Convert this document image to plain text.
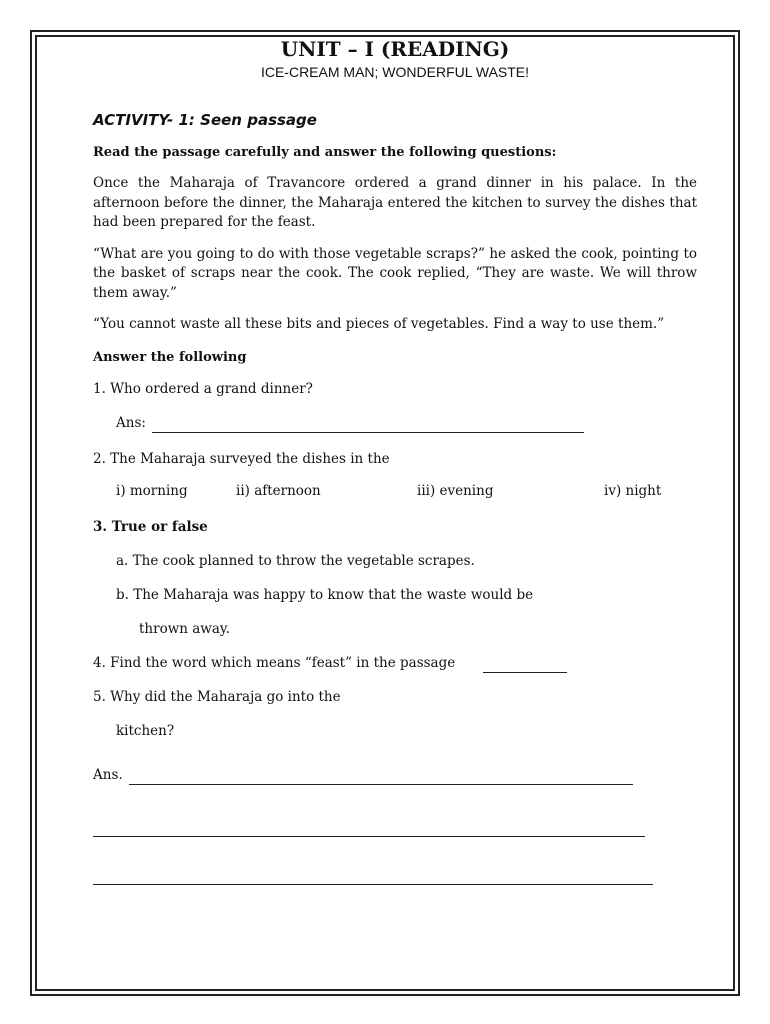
UNIT – I (READING)

ICE-CREAM MAN; WONDERFUL WASTE!

ACTIVITY- 1: Seen passage

Read the passage carefully and answer the following questions:

Once the Maharaja of Travancore ordered a grand dinner in his palace. In the afternoon before the dinner, the Maharaja entered the kitchen to survey the dishes that had been prepared for the feast.

“What are you going to do with those vegetable scraps?” he asked the cook, pointing to the basket of scraps near the cook. The cook replied, “They are waste. We will throw them away.”

“You cannot waste all these bits and pieces of vegetables. Find a way to use them.”

Answer the following

1. Who ordered a grand dinner?

Ans:

2. The Maharaja surveyed the dishes in the

i) morning	ii) afternoon	iii) evening	iv) night

3. True or false

a. The cook planned to throw the vegetable scrapes.

b. The Maharaja was happy to know that the waste would be

thrown away.

4. Find the word which means “feast” in the passage

5. Why did the Maharaja go into the

kitchen?

Ans.
